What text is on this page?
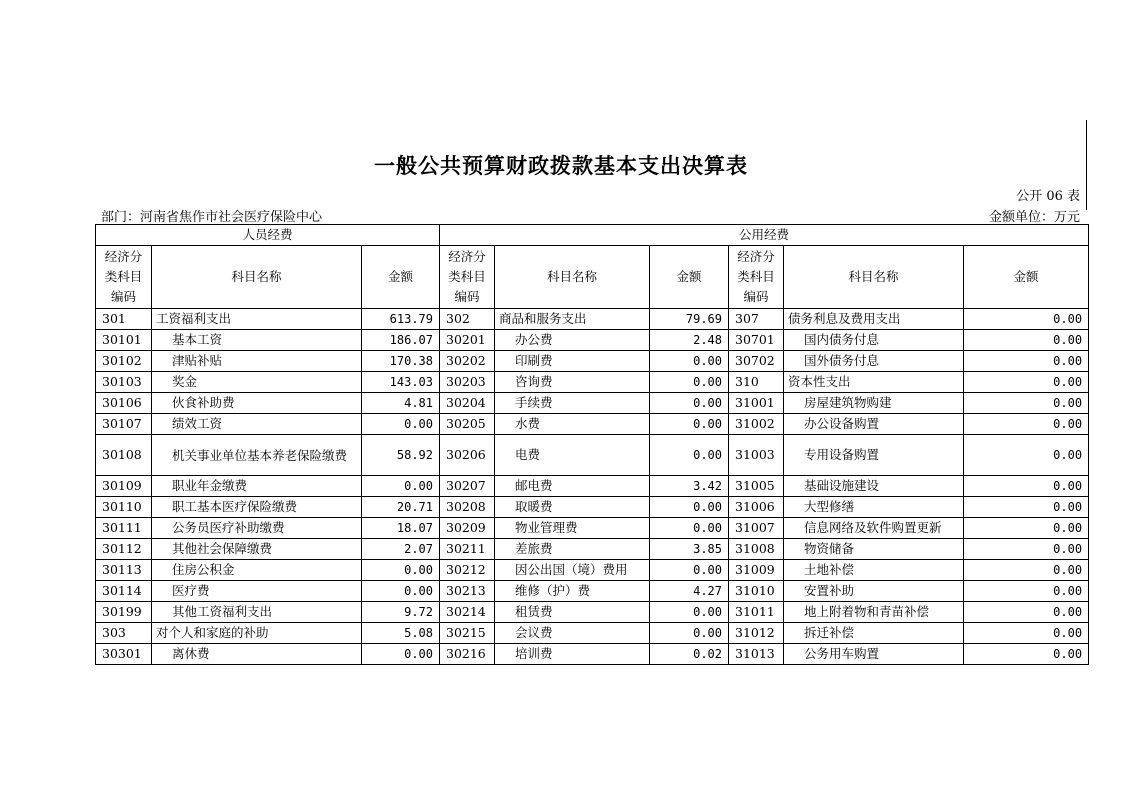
一般公共预算财政拨款基本支出决算表
公开 06 表
部门：河南省焦作市社会医疗保险中心	金额单位：万元
人员经费			公用经费					
经济分类科目编码	科目名称	金额	经济分类科目编码	科目名称	金额	经济分类科目编码	科目名称	金额
301	工资福利支出	613.79	302	商品和服务支出	79.69	307	债务利息及费用支出	0.00
30101	基本工资	186.07	30201	办公费	2.48	30701	国内债务付息	0.00
30102	津贴补贴	170.38	30202	印刷费	0.00	30702	国外债务付息	0.00
30103	奖金	143.03	30203	咨询费	0.00	310	资本性支出	0.00
30106	伙食补助费	4.81	30204	手续费	0.00	31001	房屋建筑物购建	0.00
30107	绩效工资	0.00	30205	水费	0.00	31002	办公设备购置	0.00
30108	机关事业单位基本养老保险缴费	58.92	30206	电费	0.00	31003	专用设备购置	0.00
30109	职业年金缴费	0.00	30207	邮电费	3.42	31005	基础设施建设	0.00
30110	职工基本医疗保险缴费	20.71	30208	取暖费	0.00	31006	大型修缮	0.00
30111	公务员医疗补助缴费	18.07	30209	物业管理费	0.00	31007	信息网络及软件购置更新	0.00
30112	其他社会保障缴费	2.07	30211	差旅费	3.85	31008	物资储备	0.00
30113	住房公积金	0.00	30212	因公出国（境）费用	0.00	31009	土地补偿	0.00
30114	医疗费	0.00	30213	维修（护）费	4.27	31010	安置补助	0.00
30199	其他工资福利支出	9.72	30214	租赁费	0.00	31011	地上附着物和青苗补偿	0.00
303	对个人和家庭的补助	5.08	30215	会议费	0.00	31012	拆迁补偿	0.00
30301	离休费	0.00	30216	培训费	0.02	31013	公务用车购置	0.00
